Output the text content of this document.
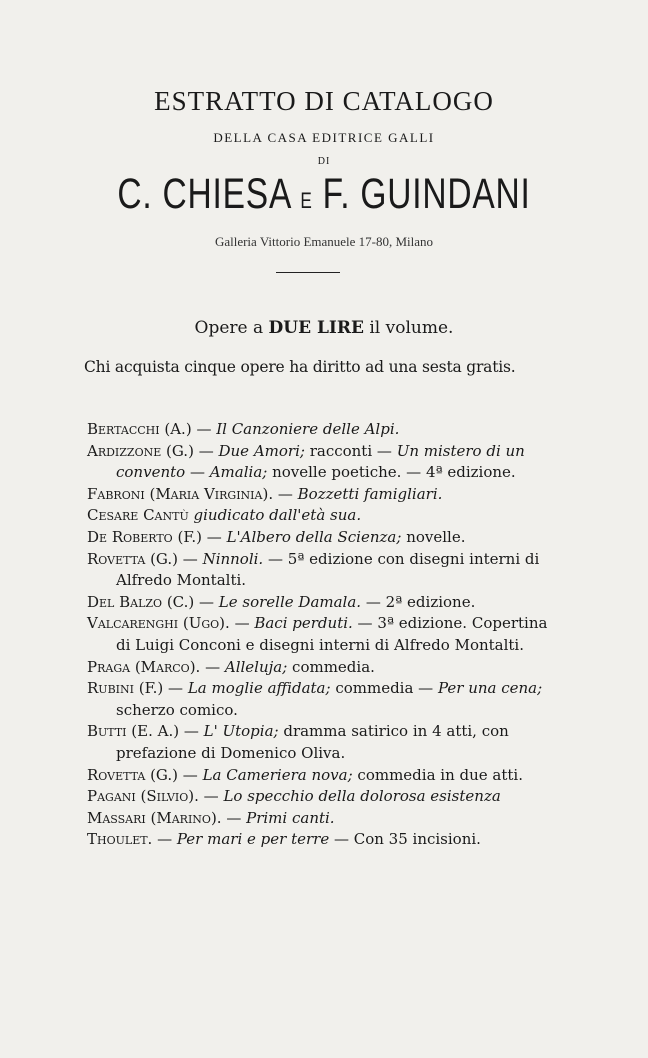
ESTRATTO DI CATALOGO
DELLA CASA EDITRICE GALLI
DI
C. CHIESA E F. GUINDANI
Galleria Vittorio Emanuele 17-80, Milano
Opere a DUE LIRE il volume.
Chi acquista cinque opere ha diritto ad una sesta gratis.
Bertacchi (A.) — Il Canzoniere delle Alpi.
Ardizzone (G.) — Due Amori; racconti — Un mistero di un convento — Amalia; novelle poetiche. — 4ª edizione.
Fabroni (Maria Virginia). — Bozzetti famigliari.
Cesare Cantù giudicato dall'età sua.
De Roberto (F.) — L'Albero della Scienza; novelle.
Rovetta (G.) — Ninnoli. — 5ª edizione con disegni interni di Alfredo Montalti.
Del Balzo (C.) — Le sorelle Damala. — 2ª edizione.
Valcarenghi (Ugo). — Baci perduti. — 3ª edizione. Copertina di Luigi Conconi e disegni interni di Alfredo Montalti.
Praga (Marco). — Alleluja; commedia.
Rubini (F.) — La moglie affidata; commedia — Per una cena; scherzo comico.
Butti (E. A.) — L' Utopia; dramma satirico in 4 atti, con prefazione di Domenico Oliva.
Rovetta (G.) — La Cameriera nova; commedia in due atti.
Pagani (Silvio). — Lo specchio della dolorosa esistenza
Massari (Marino). — Primi canti.
Thoulet. — Per mari e per terre — Con 35 incisioni.
